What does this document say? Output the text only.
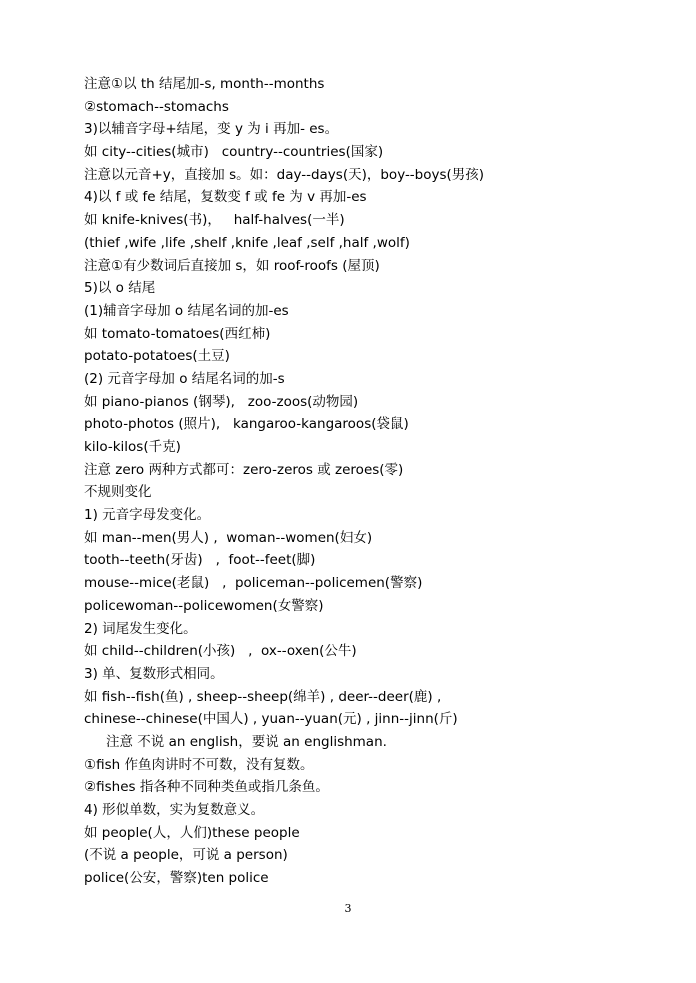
注意①以 th 结尾加-s, month--months
②stomach--stomachs
3)以辅音字母+结尾，变 y 为 i 再加- es。
如 city--cities(城市)   country--countries(国家)
注意以元音+y，直接加 s。如：day--days(天)，boy--boys(男孩)
4)以 f 或 fe 结尾，复数变 f 或 fe 为 v 再加-es
如 knife-knives(书)，   half-halves(一半)
(thief ,wife ,life ,shelf ,knife ,leaf ,self ,half ,wolf)
注意①有少数词后直接加 s，如 roof-roofs (屋顶)
5)以 o 结尾
(1)辅音字母加 o 结尾名词的加-es
如 tomato-tomatoes(西红柿)
potato-potatoes(土豆)
(2) 元音字母加 o 结尾名词的加-s
如 piano-pianos (钢琴),   zoo-zoos(动物园)
photo-photos (照片),   kangaroo-kangaroos(袋鼠)
kilo-kilos(千克)
注意 zero 两种方式都可：zero-zeros 或 zeroes(零)
不规则变化
1) 元音字母发变化。
如 man--men(男人) ,  woman--women(妇女)
tooth--teeth(牙齿)   ,  foot--feet(脚)
mouse--mice(老鼠)   ,  policeman--policemen(警察)
policewoman--policewomen(女警察)
2) 词尾发生变化。
如 child--children(小孩)   ,  ox--oxen(公牛)
3) 单、复数形式相同。
如 fish--fish(鱼) , sheep--sheep(绵羊) , deer--deer(鹿) ,
chinese--chinese(中国人) , yuan--yuan(元) , jinn--jinn(斤)
注意 不说 an english，要说 an englishman.
①fish 作鱼肉讲时不可数，没有复数。
②fishes 指各种不同种类鱼或指几条鱼。
4) 形似单数，实为复数意义。
如 people(人，人们)these people
(不说 a people，可说 a person)
police(公安，警察)ten police
3
